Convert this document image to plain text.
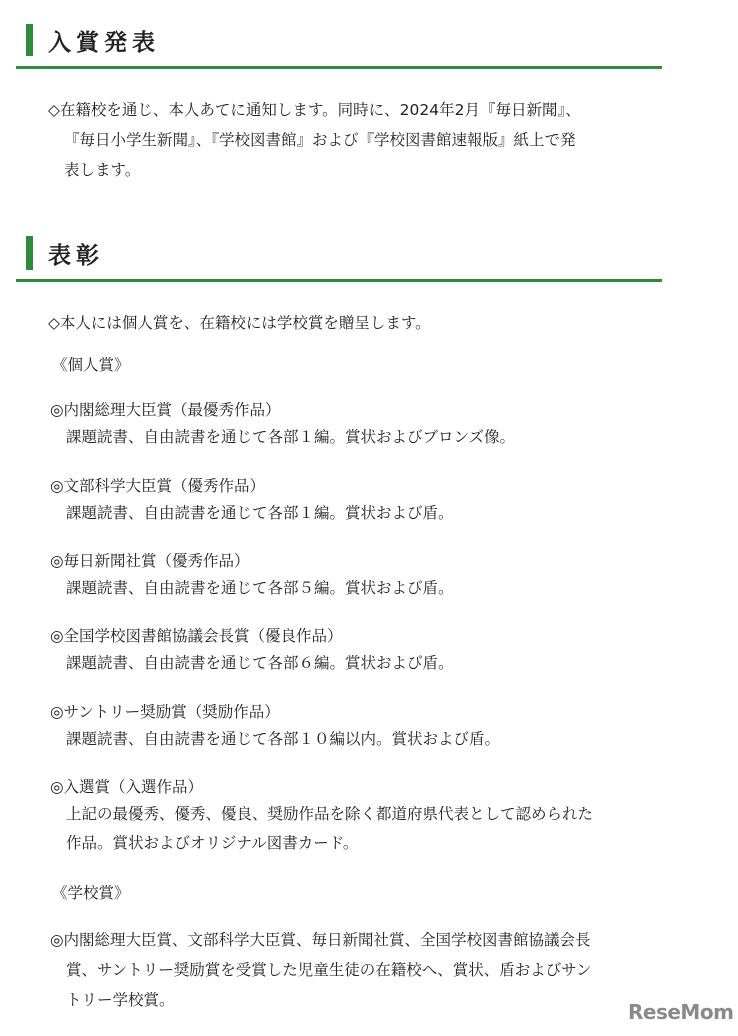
入賞発表
◇在籍校を通じ、本人あてに通知します。同時に、2024年2月『毎日新聞』、

『毎日小学生新聞』、『学校図書館』および『学校図書館速報版』紙上で発
表します。
表彰
◇本人には個人賞を、在籍校には学校賞を贈呈します。
《個人賞》
◎内閣総理大臣賞（最優秀作品）
課題読書、自由読書を通じて各部１編。賞状およびブロンズ像。
◎文部科学大臣賞（優秀作品）
課題読書、自由読書を通じて各部１編。賞状および盾。
◎毎日新聞社賞（優秀作品）
課題読書、自由読書を通じて各部５編。賞状および盾。
◎全国学校図書館協議会長賞（優良作品）
課題読書、自由読書を通じて各部６編。賞状および盾。
◎サントリー奨励賞（奨励作品）
課題読書、自由読書を通じて各部１０編以内。賞状および盾。
◎入選賞（入選作品）
上記の最優秀、優秀、優良、奨励作品を除く都道府県代表として認められた
作品。賞状およびオリジナル図書カード。
《学校賞》
◎内閣総理大臣賞、文部科学大臣賞、毎日新聞社賞、全国学校図書館協議会長

賞、サントリー奨励賞を受賞した児童生徒の在籍校へ、賞状、盾およびサン
トリー学校賞。	ReseMom
